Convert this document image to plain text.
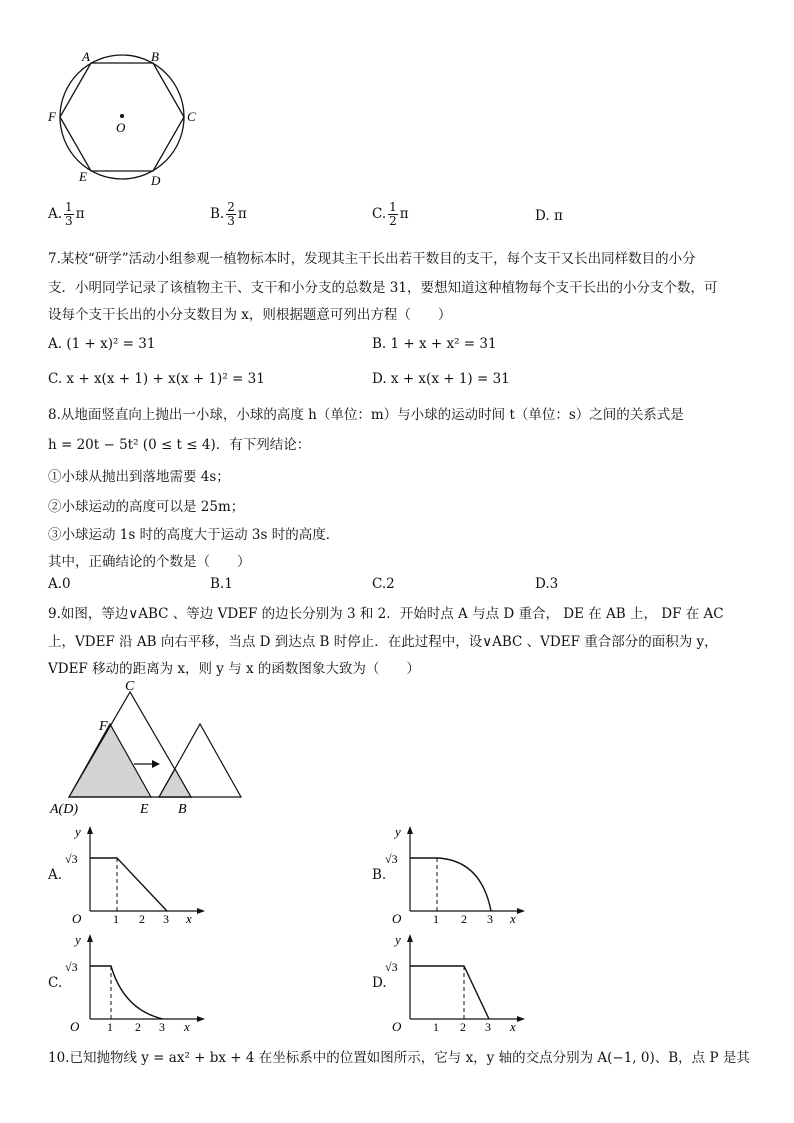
A	B
C
D
E
F
O
A. $\frac{1}{3}$ π	B. $\frac{2}{3}$ π	C. $\frac{1}{2}$ π	D. π
7.某校“研学”活动小组参观一植物标本时，发现其主干长出若干数目的支干，每个支干又长出同样数目的小分
支．小明同学记录了该植物主干、支干和小分支的总数是 31，要想知道这种植物每个支干长出的小分支个数，可
设每个支干长出的小分支数目为 x，则根据题意可列出方程（　　）
A. (1 + x)² = 31	B. 1 + x + x² = 31
C. x + x(x + 1) + x(x + 1)² = 31	D. x + x(x + 1) = 31
8.从地面竖直向上抛出一小球，小球的高度 h（单位：m）与小球的运动时间 t（单位：s）之间的关系式是
h = 20t − 5t² (0 ≤ t ≤ 4)．有下列结论：
①小球从抛出到落地需要 4s；
②小球运动的高度可以是 25m；
③小球运动 1s 时的高度大于运动 3s 时的高度．
其中，正确结论的个数是（　　）
A.0	B.1	C.2	D.3
9.如图，等边∨ABC 、等边 VDEF 的边长分别为 3 和 2．开始时点 A 与点 D 重合， DE 在 AB 上， DF 在 AC
上，VDEF 沿 AB 向右平移，当点 D 到达点 B 时停止．在此过程中，设∨ABC 、VDEF 重合部分的面积为 y，
VDEF 移动的距离为 x，则 y 与 x 的函数图象大致为（　　）
C
F
A(D)	E B
A.
y
√3
O	1 2 3 x
B.
y
√3
O	1 2 3 x
C.
y
√3
O 1 2 3 x
D.
y
√3
O	1 2 3 x
10.已知抛物线 y = ax² + bx + 4 在坐标系中的位置如图所示，它与 x，y 轴的交点分别为 A(−1, 0)、B，点 P 是其
